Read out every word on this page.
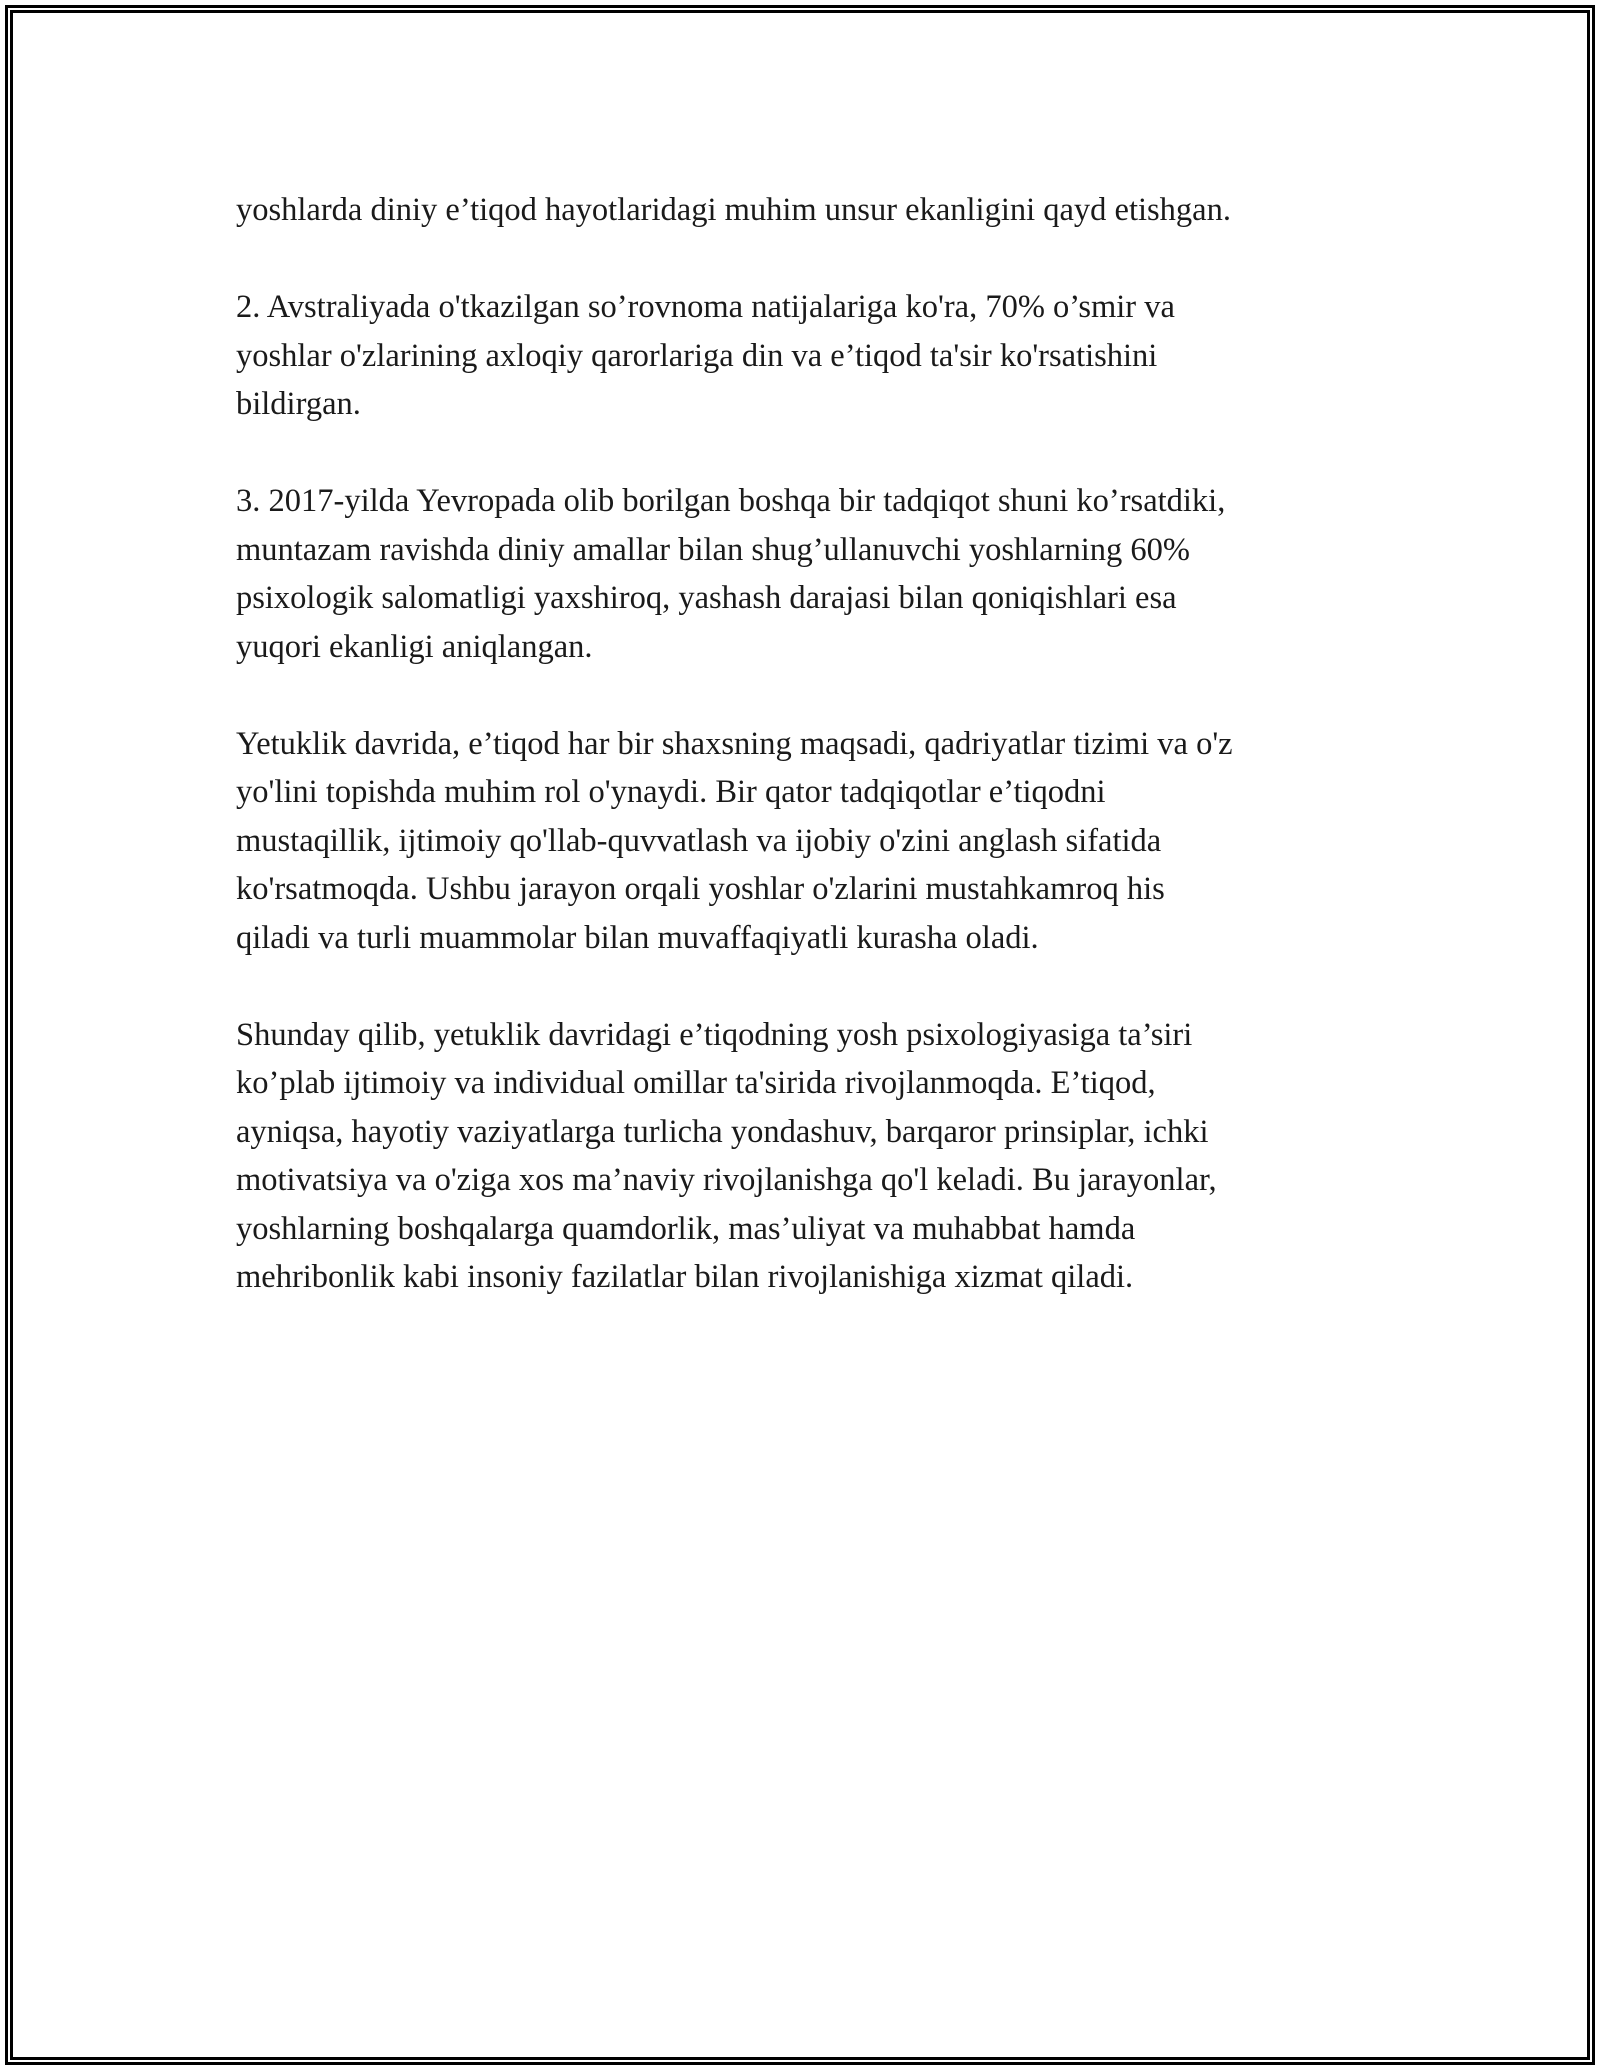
yoshlarda diniy e’tiqod hayotlaridagi muhim unsur ekanligini qayd etishgan.

2. Avstraliyada o'tkazilgan so’rovnoma natijalariga ko'ra, 70% o’smir va
yoshlar o'zlarining axloqiy qarorlariga din va e’tiqod ta'sir ko'rsatishini
bildirgan.

3. 2017-yilda Yevropada olib borilgan boshqa bir tadqiqot shuni ko’rsatdiki,
muntazam ravishda diniy amallar bilan shug’ullanuvchi yoshlarning 60%
psixologik salomatligi yaxshiroq, yashash darajasi bilan qoniqishlari esa
yuqori ekanligi aniqlangan.

Yetuklik davrida, e’tiqod har bir shaxsning maqsadi, qadriyatlar tizimi va o'z
yo'lini topishda muhim rol o'ynaydi. Bir qator tadqiqotlar e’tiqodni
mustaqillik, ijtimoiy qo'llab-quvvatlash va ijobiy o'zini anglash sifatida
ko'rsatmoqda. Ushbu jarayon orqali yoshlar o'zlarini mustahkamroq his
qiladi va turli muammolar bilan muvaffaqiyatli kurasha oladi.

Shunday qilib, yetuklik davridagi e’tiqodning yosh psixologiyasiga ta’siri
ko’plab ijtimoiy va individual omillar ta'sirida rivojlanmoqda. E’tiqod,
ayniqsa, hayotiy vaziyatlarga turlicha yondashuv, barqaror prinsiplar, ichki
motivatsiya va o'ziga xos ma’naviy rivojlanishga qo'l keladi. Bu jarayonlar,
yoshlarning boshqalarga quamdorlik, mas’uliyat va muhabbat hamda
mehribonlik kabi insoniy fazilatlar bilan rivojlanishiga xizmat qiladi.
